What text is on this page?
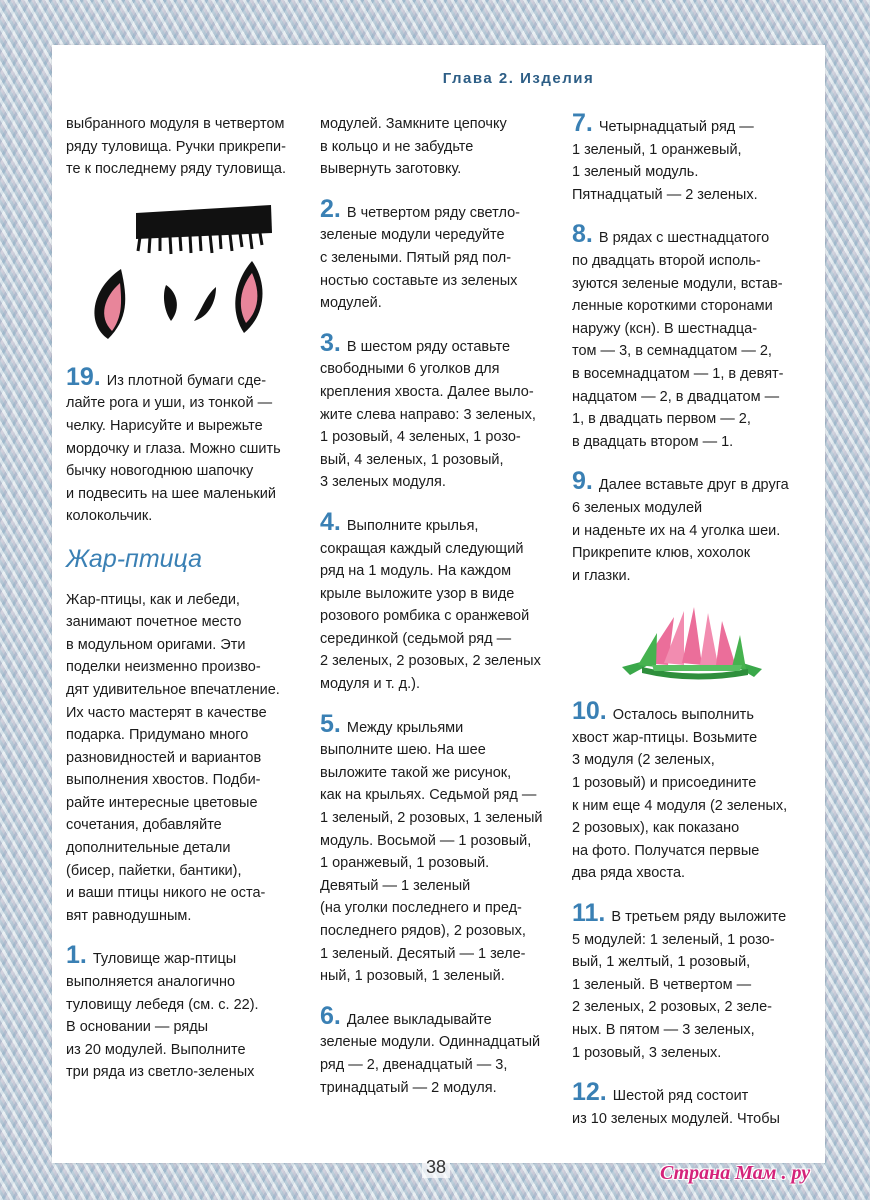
Глава 2. Изделия

выбранного модуля в четвертом
ряду туловища. Ручки прикрепи-
те к последнему ряду туловища.

19. Из плотной бумаги сде-
лайте рога и уши, из тонкой —
челку. Нарисуйте и вырежьте
мордочку и глаза. Можно сшить
бычку новогоднюю шапочку
и подвесить на шее маленький
колокольчик.

Жар-птица

Жар-птицы, как и лебеди,
занимают почетное место
в модульном оригами. Эти
поделки неизменно произво-
дят удивительное впечатление.
Их часто мастерят в качестве
подарка. Придумано много
разновидностей и вариантов
выполнения хвостов. Подби-
райте интересные цветовые
сочетания, добавляйте
дополнительные детали
(бисер, пайетки, бантики),
и ваши птицы никого не оста-
вят равнодушным.

1. Туловище жар-птицы
выполняется аналогично
туловищу лебедя (см. с. 22).
В основании — ряды
из 20 модулей. Выполните
три ряда из светло-зеленых

модулей. Замкните цепочку
в кольцо и не забудьте
вывернуть заготовку.

2. В четвертом ряду светло-
зеленые модули чередуйте
с зелеными. Пятый ряд пол-
ностью составьте из зеленых
модулей.

3. В шестом ряду оставьте
свободными 6 уголков для
крепления хвоста. Далее выло-
жите слева направо: 3 зеленых,
1 розовый, 4 зеленых, 1 розо-
вый, 4 зеленых, 1 розовый,
3 зеленых модуля.

4. Выполните крылья,
сокращая каждый следующий
ряд на 1 модуль. На каждом
крыле выложите узор в виде
розового ромбика с оранжевой
серединкой (седьмой ряд —
2 зеленых, 2 розовых, 2 зеленых
модуля и т. д.).

5. Между крыльями
выполните шею. На шее
выложите такой же рисунок,
как на крыльях. Седьмой ряд —
1 зеленый, 2 розовых, 1 зеленый
модуль. Восьмой — 1 розовый,
1 оранжевый, 1 розовый.
Девятый — 1 зеленый
(на уголки последнего и пред-
последнего рядов), 2 розовых,
1 зеленый. Десятый — 1 зеле-
ный, 1 розовый, 1 зеленый.

6. Далее выкладывайте
зеленые модули. Одиннадцатый
ряд — 2, двенадцатый — 3,
тринадцатый — 2 модуля.

7. Четырнадцатый ряд —
1 зеленый, 1 оранжевый,
1 зеленый модуль.
Пятнадцатый — 2 зеленых.

8. В рядах с шестнадцатого
по двадцать второй исполь-
зуются зеленые модули, встав-
ленные короткими сторонами
наружу (ксн). В шестнадца-
том — 3, в семнадцатом — 2,
в восемнадцатом — 1, в девят-
надцатом — 2, в двадцатом —
1, в двадцать первом — 2,
в двадцать втором — 1.

9. Далее вставьте друг в друга
6 зеленых модулей
и наденьте их на 4 уголка шеи.
Прикрепите клюв, хохолок
и глазки.

10. Осталось выполнить
хвост жар-птицы. Возьмите
3 модуля (2 зеленых,
1 розовый) и присоедините
к ним еще 4 модуля (2 зеленых,
2 розовых), как показано
на фото. Получатся первые
два ряда хвоста.

11. В третьем ряду выложите
5 модулей: 1 зеленый, 1 розо-
вый, 1 желтый, 1 розовый,
1 зеленый. В четвертом —
2 зеленых, 2 розовых, 2 зеле-
ных. В пятом — 3 зеленых,
1 розовый, 3 зеленых.

12. Шестой ряд состоит
из 10 зеленых модулей. Чтобы

38	Страна Мам . ру
